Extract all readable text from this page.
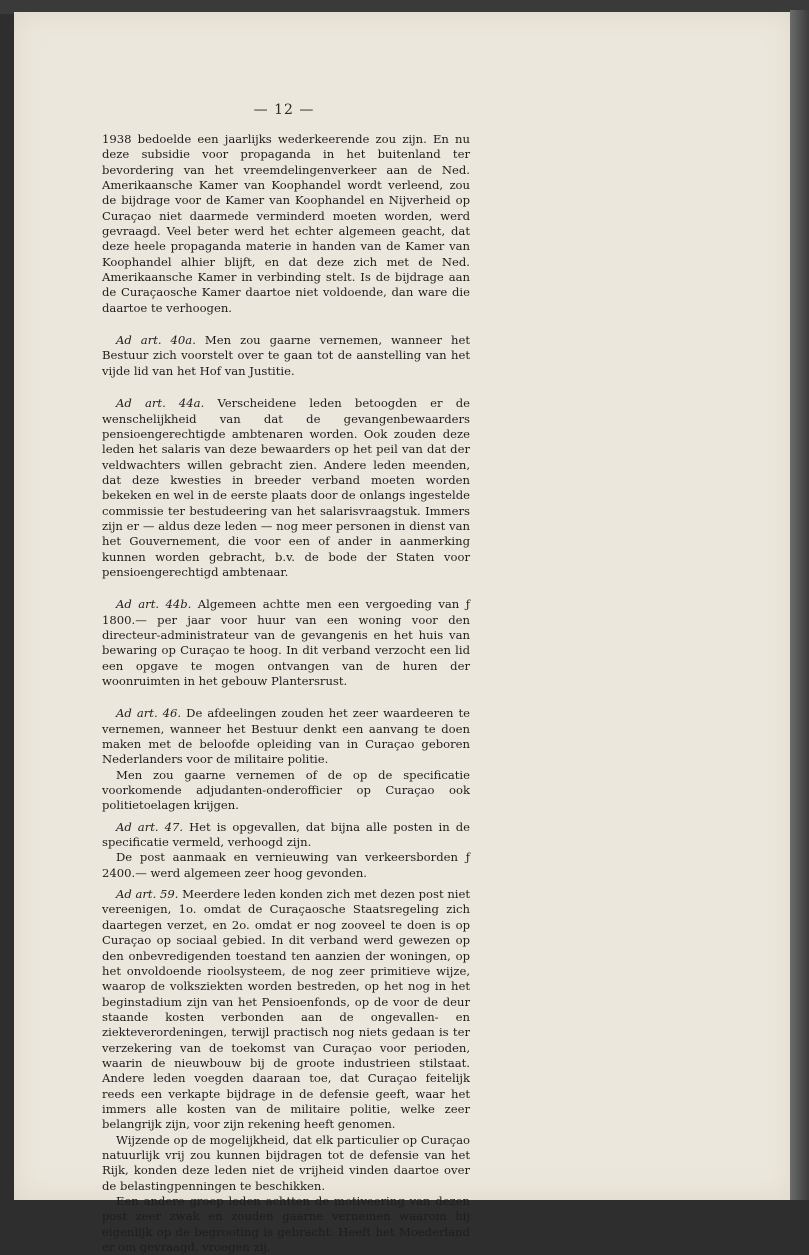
— 12 —

1938 bedoelde een jaarlijks wederkeerende zou zijn. En nu deze subsidie voor propaganda in het buitenland ter bevordering van het vreemdelingenverkeer aan de Ned. Amerikaansche Kamer van Koophandel wordt verleend, zou de bijdrage voor de Kamer van Koophandel en Nijverheid op Curaçao niet daarmede verminderd moeten worden, werd gevraagd. Veel beter werd het echter algemeen geacht, dat deze heele propaganda materie in handen van de Kamer van Koophandel alhier blijft, en dat deze zich met de Ned. Amerikaansche Kamer in verbinding stelt. Is de bijdrage aan de Curaçaosche Kamer daartoe niet voldoende, dan ware die daartoe te verhoogen.

Ad art. 40a. Men zou gaarne vernemen, wanneer het Bestuur zich voorstelt over te gaan tot de aanstelling van het vijde lid van het Hof van Justitie.

Ad art. 44a. Verscheidene leden betoogden er de wenschelijkheid van dat de gevangenbewaarders pensioengerechtigde ambtenaren worden. Ook zouden deze leden het salaris van deze bewaarders op het peil van dat der veldwachters willen gebracht zien. Andere leden meenden, dat deze kwesties in breeder verband moeten worden bekeken en wel in de eerste plaats door de onlangs ingestelde commissie ter bestudeering van het salarisvraagstuk. Immers zijn er — aldus deze leden — nog meer personen in dienst van het Gouvernement, die voor een of ander in aanmerking kunnen worden gebracht, b.v. de bode der Staten voor pensioengerechtigd ambtenaar.

Ad art. 44b. Algemeen achtte men een vergoeding van ƒ 1800.— per jaar voor huur van een woning voor den directeur-administrateur van de gevangenis en het huis van bewaring op Curaçao te hoog. In dit verband verzocht een lid een opgave te mogen ontvangen van de huren der woonruimten in het gebouw Plantersrust.

Ad art. 46. De afdeelingen zouden het zeer waardeeren te vernemen, wanneer het Bestuur denkt een aanvang te doen maken met de beloofde opleiding van in Curaçao geboren Nederlanders voor de militaire politie.

Men zou gaarne vernemen of de op de specificatie voorkomende adjudanten-onderofficier op Curaçao ook politietoelagen krijgen.

Ad art. 47. Het is opgevallen, dat bijna alle posten in de specificatie vermeld, verhoogd zijn.

De post aanmaak en vernieuwing van verkeersborden ƒ 2400.— werd algemeen zeer hoog gevonden.

Ad art. 59. Meerdere leden konden zich met dezen post niet vereenigen, 1o. omdat de Curaçaosche Staatsregeling zich daartegen verzet, en 2o. omdat er nog zooveel te doen is op Curaçao op sociaal gebied. In dit verband werd gewezen op den onbevredigenden toestand ten aanzien der woningen, op het onvoldoende rioolsysteem, de nog zeer primitieve wijze, waarop de volksziekten worden bestreden, op het nog in het beginstadium zijn van het Pensioenfonds, op de voor de deur staande kosten verbonden aan de ongevallen- en ziekteverordeningen, terwijl practisch nog niets gedaan is ter verzekering van de toekomst van Curaçao voor perioden, waarin de nieuwbouw bij de groote industrieen stilstaat. Andere leden voegden daaraan toe, dat Curaçao feitelijk reeds een verkapte bijdrage in de defensie geeft, waar het immers alle kosten van de militaire politie, welke zeer belangrijk zijn, voor zijn rekening heeft genomen.

Wijzende op de mogelijkheid, dat elk particulier op Curaçao natuurlijk vrij zou kunnen bijdragen tot de defensie van het Rijk, konden deze leden niet de vrijheid vinden daartoe over de belastingpenningen te beschikken.

Een andere groep leden achtten de motiveering van dezen post zeer zwak en zouden gaarne vernemen waarom hij eigenlijk op de begrooting is gebracht. Heeft het Moederland er om gevraagd, vroegen zij.
